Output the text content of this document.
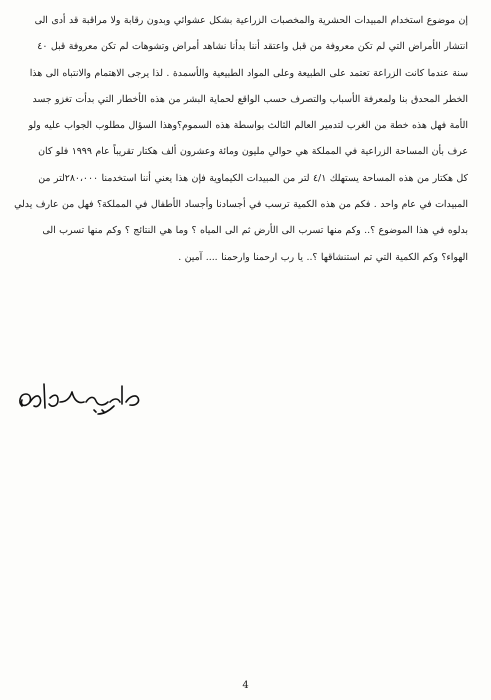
إن موضوع استخدام المبيدات الحشرية والمخصبات الزراعية بشكل عشوائي وبدون رقابة ولا مراقبة قد أدى الى
انتشار الأمراض التي لم تكن معروفة من قبل واعتقد أننا بدأنا نشاهد أمراض وتشوهات لم تكن معروفة قبل ٤٠
سنة عندما كانت الزراعة تعتمد على الطبيعة وعلى المواد الطبيعية والأسمدة . لذا يرجى الاهتمام والانتباه الى هذا
الخطر المحدق بنا ولمعرفة الأسباب والتصرف حسب الواقع لحماية البشر من هذه الأخطار التي بدأت تغزو جسد
الأمة فهل هذه خطة من الغرب لتدمير العالم الثالث بواسطة هذه السموم؟وهذا السؤال مطلوب الجواب عليه ولو
عرف بأن المساحة الزراعية في المملكة هي حوالي مليون ومائة وعشرون ألف هكتار تقريباً عام ١٩٩٩ فلو كان
كل هكتار من هذه المساحة يستهلك ٤/١ لتر من المبيدات الكيماوية فإن هذا يعني أننا استخدمنا ٢٨٠،٠٠٠لتر من
المبيدات في عام واحد . فكم من هذه الكمية ترسب في أجسادنا وأجساد الأطفال في المملكة؟ فهل من عارف يدلي
بدلوه في هذا الموضوع ؟.. وكم منها تسرب الى الأرض ثم الى المياه ؟ وما هي النتائج ؟ وكم منها تسرب الى
الهواء؟ وكم الكمية التي تم استنشاقها ؟.. يا رب ارحمنا وارحمنا .... آمين .
4
